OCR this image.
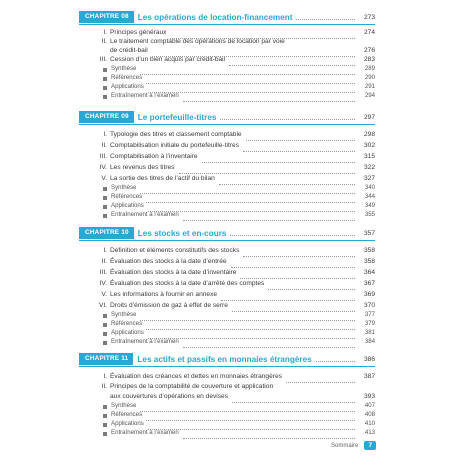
CHAPITRE 08	Les opérations de location-financement	273
I. Principes généraux	274
II. Le traitement comptable des opérations de location par voie
de crédit-bail	276
III. Cession d’un bien acquis par crédit-bail	283
Synthèse	289
Références	290
Applications	291
Entraînement à l’examen	294
CHAPITRE 09	Le portefeuille-titres	297
I. Typologie des titres et classement comptable	298
II. Comptabilisation initiale du portefeuille-titres	302
III. Comptabilisation à l’inventaire	315
IV. Les revenus des titres	322
V. La sortie des titres de l’actif du bilan	327
Synthèse	340
Références	344
Applications	349
Entraînement à l’examen	355
CHAPITRE 10	Les stocks et en-cours	357
I. Définition et éléments constitutifs des stocks	358
II. Évaluation des stocks à la date d’entrée	358
III. Évaluation des stocks à la date d’inventaire	364
IV. Évaluation des stocks à la date d’arrêté des comptes	367
V. Les informations à fournir en annexe	369
VI. Droits d’émission de gaz à effet de serre	370
Synthèse	377
Références	379
Applications	381
Entraînement à l’examen	384
CHAPITRE 11	Les actifs et passifs en monnaies étrangères	386
I. Évaluation des créances et dettes en monnaies étrangères	387
II. Principes de la comptabilité de couverture et application
aux couvertures d’opérations en devises	393
Synthèse	407
Références	408
Applications	410
Entraînement à l’examen	413
Sommaire	7
